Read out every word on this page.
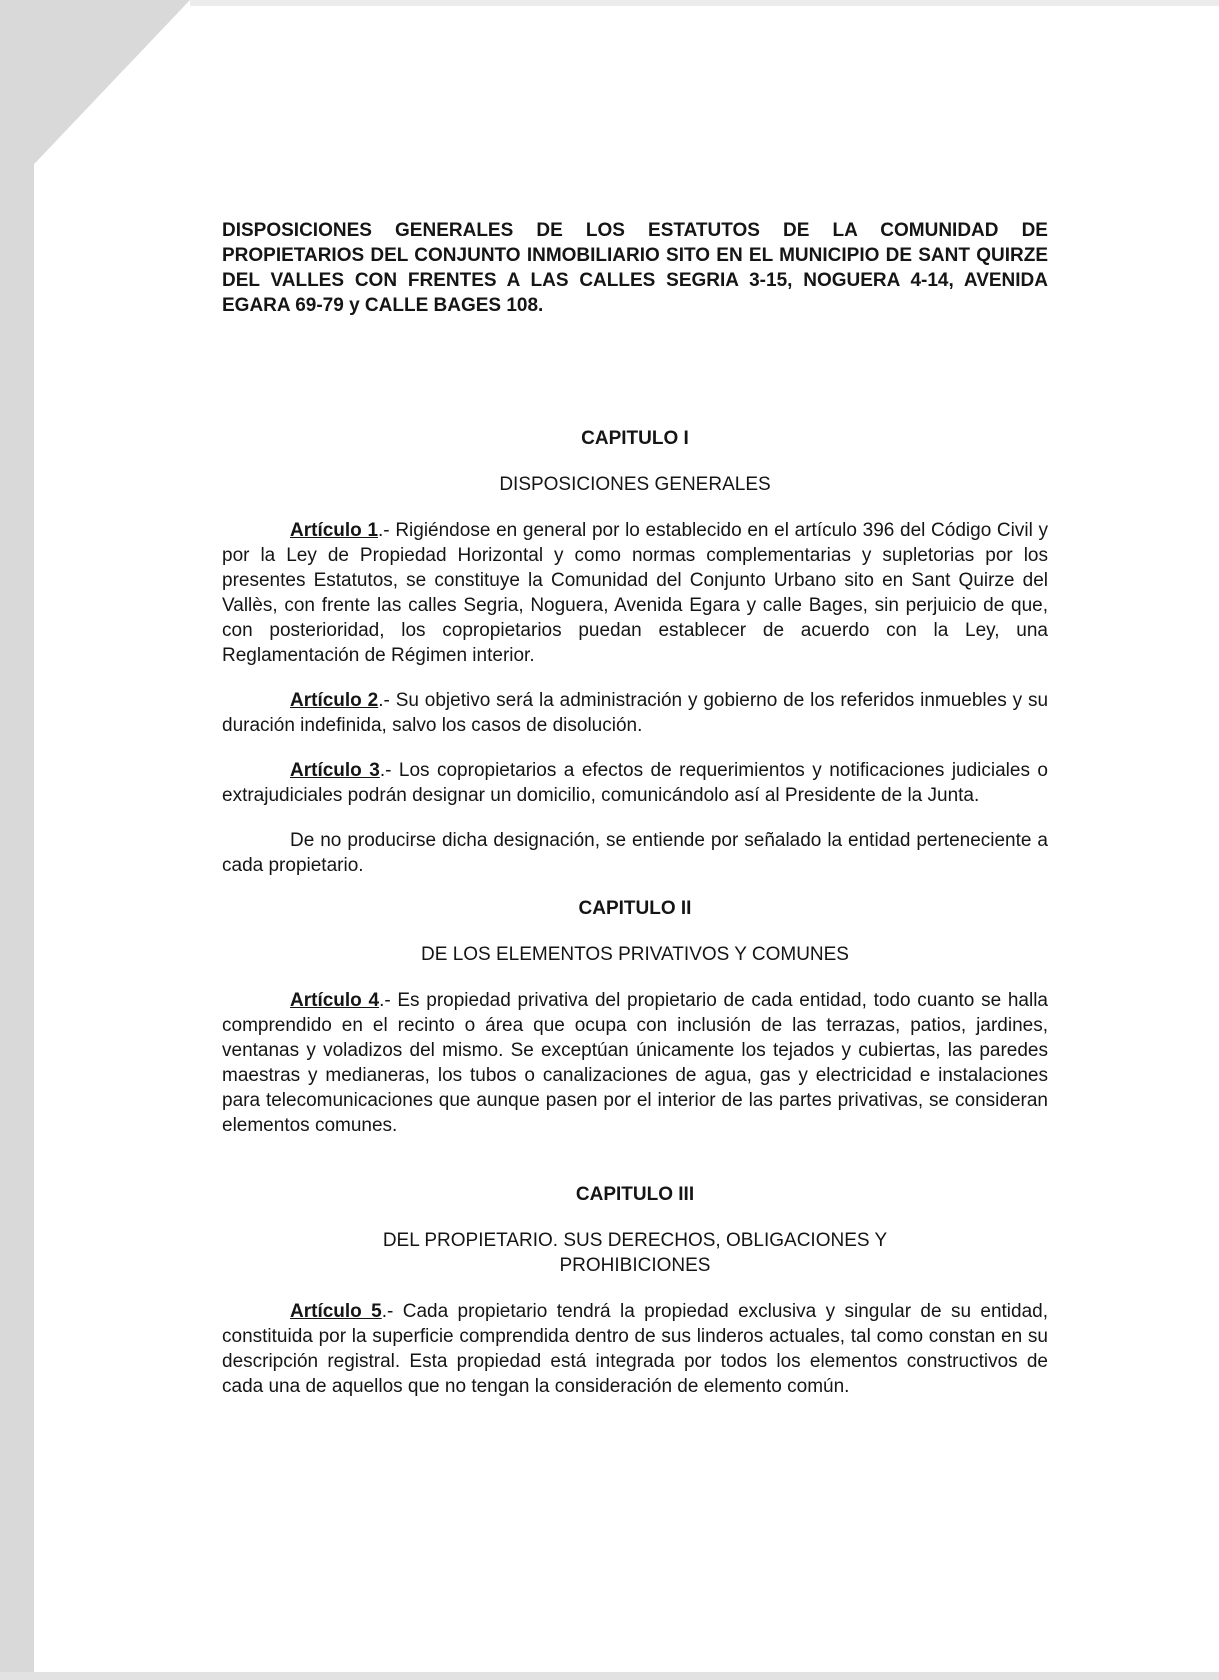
DISPOSICIONES GENERALES DE LOS ESTATUTOS DE LA COMUNIDAD DE PROPIETARIOS DEL CONJUNTO INMOBILIARIO SITO EN EL MUNICIPIO DE SANT QUIRZE DEL VALLES CON FRENTES A LAS CALLES SEGRIA 3-15, NOGUERA 4-14, AVENIDA EGARA 69-79 y CALLE BAGES 108.

CAPITULO I

DISPOSICIONES GENERALES

Artículo 1.- Rigiéndose en general por lo establecido en el artículo 396 del Código Civil y por la Ley de Propiedad Horizontal y como normas complementarias y supletorias por los presentes Estatutos, se constituye la Comunidad del Conjunto Urbano sito en Sant Quirze del Vallès, con frente las calles Segria, Noguera, Avenida Egara y calle Bages, sin perjuicio de que, con posterioridad, los copropietarios puedan establecer de acuerdo con la Ley, una Reglamentación de Régimen interior.

Artículo 2.- Su objetivo será la administración y gobierno de los referidos inmuebles y su duración indefinida, salvo los casos de disolución.

Artículo 3.- Los copropietarios a efectos de requerimientos y notificaciones judiciales o extrajudiciales podrán designar un domicilio, comunicándolo así al Presidente de la Junta.

De no producirse dicha designación, se entiende por señalado la entidad perteneciente a cada propietario.

CAPITULO II

DE LOS ELEMENTOS PRIVATIVOS Y COMUNES

Artículo 4.- Es propiedad privativa del propietario de cada entidad, todo cuanto se halla comprendido en el recinto o área que ocupa con inclusión de las terrazas, patios, jardines, ventanas y voladizos del mismo. Se exceptúan únicamente los tejados y cubiertas, las paredes maestras y medianeras, los tubos o canalizaciones de agua, gas y electricidad e instalaciones para telecomunicaciones que aunque pasen por el interior de las partes privativas, se consideran elementos comunes.

CAPITULO III

DEL PROPIETARIO. SUS DERECHOS, OBLIGACIONES Y

PROHIBICIONES

Artículo 5.- Cada propietario tendrá la propiedad exclusiva y singular de su entidad, constituida por la superficie comprendida dentro de sus linderos actuales, tal como constan en su descripción registral. Esta propiedad está integrada por todos los elementos constructivos de cada una de aquellos que no tengan la consideración de elemento común.
